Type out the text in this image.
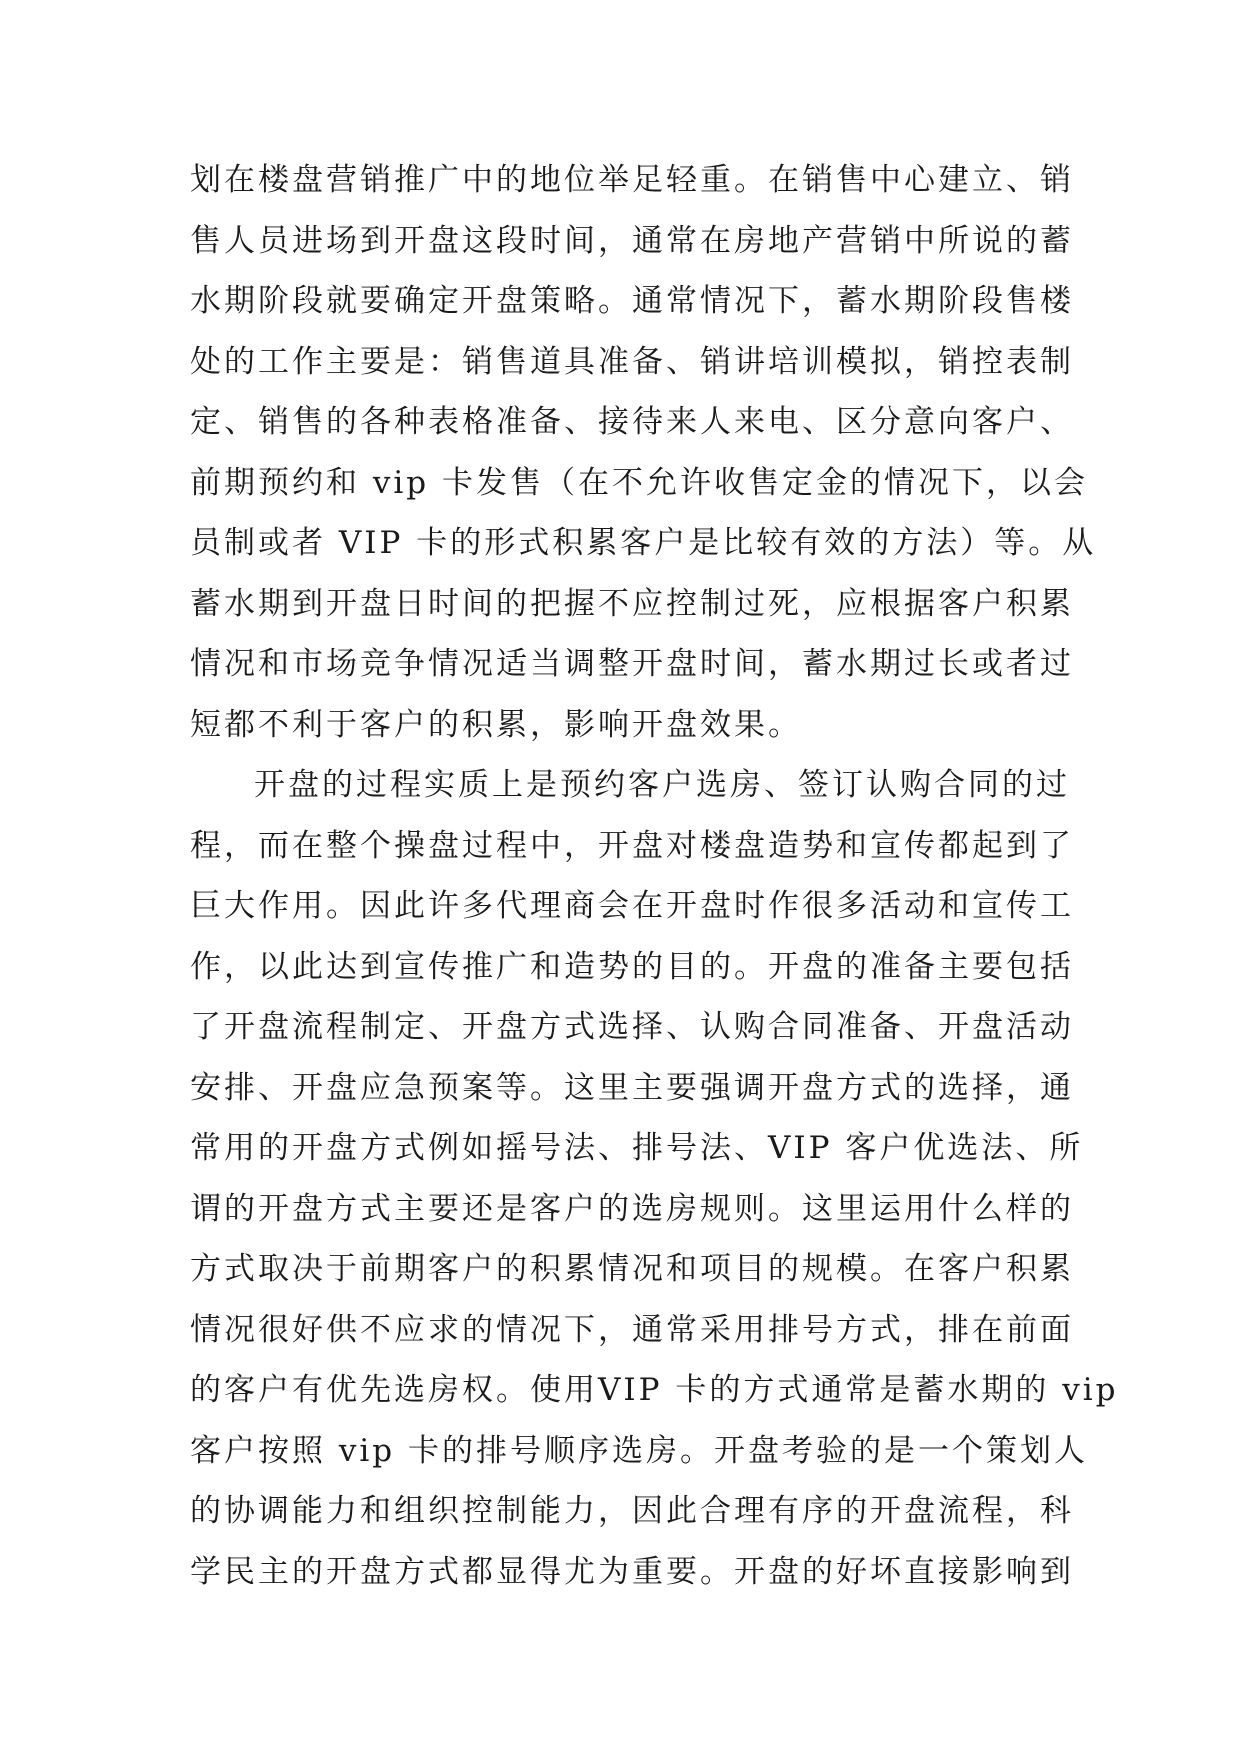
划在楼盘营销推广中的地位举足轻重。在销售中心建立、销
售人员进场到开盘这段时间，通常在房地产营销中所说的蓄
水期阶段就要确定开盘策略。通常情况下，蓄水期阶段售楼
处的工作主要是：销售道具准备、销讲培训模拟，销控表制
定、销售的各种表格准备、接待来人来电、区分意向客户、
前期预约和 vip 卡发售（在不允许收售定金的情况下，以会
员制或者 VIP 卡的形式积累客户是比较有效的方法）等。从
蓄水期到开盘日时间的把握不应控制过死，应根据客户积累
情况和市场竞争情况适当调整开盘时间，蓄水期过长或者过
短都不利于客户的积累，影响开盘效果。
开盘的过程实质上是预约客户选房、签订认购合同的过
程，而在整个操盘过程中，开盘对楼盘造势和宣传都起到了
巨大作用。因此许多代理商会在开盘时作很多活动和宣传工
作，以此达到宣传推广和造势的目的。开盘的准备主要包括
了开盘流程制定、开盘方式选择、认购合同准备、开盘活动
安排、开盘应急预案等。这里主要强调开盘方式的选择，通
常用的开盘方式例如摇号法、排号法、VIP 客户优选法、所
谓的开盘方式主要还是客户的选房规则。这里运用什么样的
方式取决于前期客户的积累情况和项目的规模。在客户积累
情况很好供不应求的情况下，通常采用排号方式，排在前面
的客户有优先选房权。使用VIP 卡的方式通常是蓄水期的 vip
客户按照 vip 卡的排号顺序选房。开盘考验的是一个策划人
的协调能力和组织控制能力，因此合理有序的开盘流程，科
学民主的开盘方式都显得尤为重要。开盘的好坏直接影响到
